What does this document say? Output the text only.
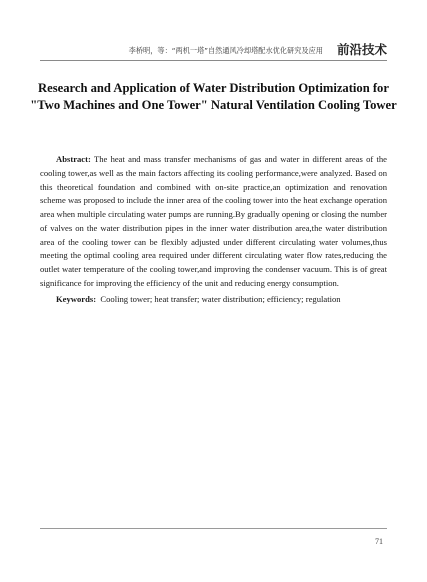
李桥明，等：“两机一塔”自然通风冷却塔配水优化研究及应用 前沿技术
Research and Application of Water Distribution Optimization for
"Two Machines and One Tower" Natural Ventilation Cooling Tower

Abstract: The heat and mass transfer mechanisms of gas and water in different areas of the cooling tower,as well as the main factors affecting its cooling performance,were analyzed. Based on this theoretical foundation and combined with on-site practice,an optimization and renovation scheme was proposed to include the inner area of the cooling tower into the heat exchange operation area when multiple circulating water pumps are running.By gradually opening or closing the number of valves on the water distribution pipes in the inner water distribution area,the water distribution area of the cooling tower can be flexibly adjusted under different circulating water volumes,thus meeting the optimal cooling area required under different circulating water flow rates,reducing the outlet water temperature of the cooling tower,and improving the condenser vacuum. This is of great significance for improving the efficiency of the unit and reducing energy consumption.

Keywords: Cooling tower; heat transfer; water distribution; efficiency; regulation

71
